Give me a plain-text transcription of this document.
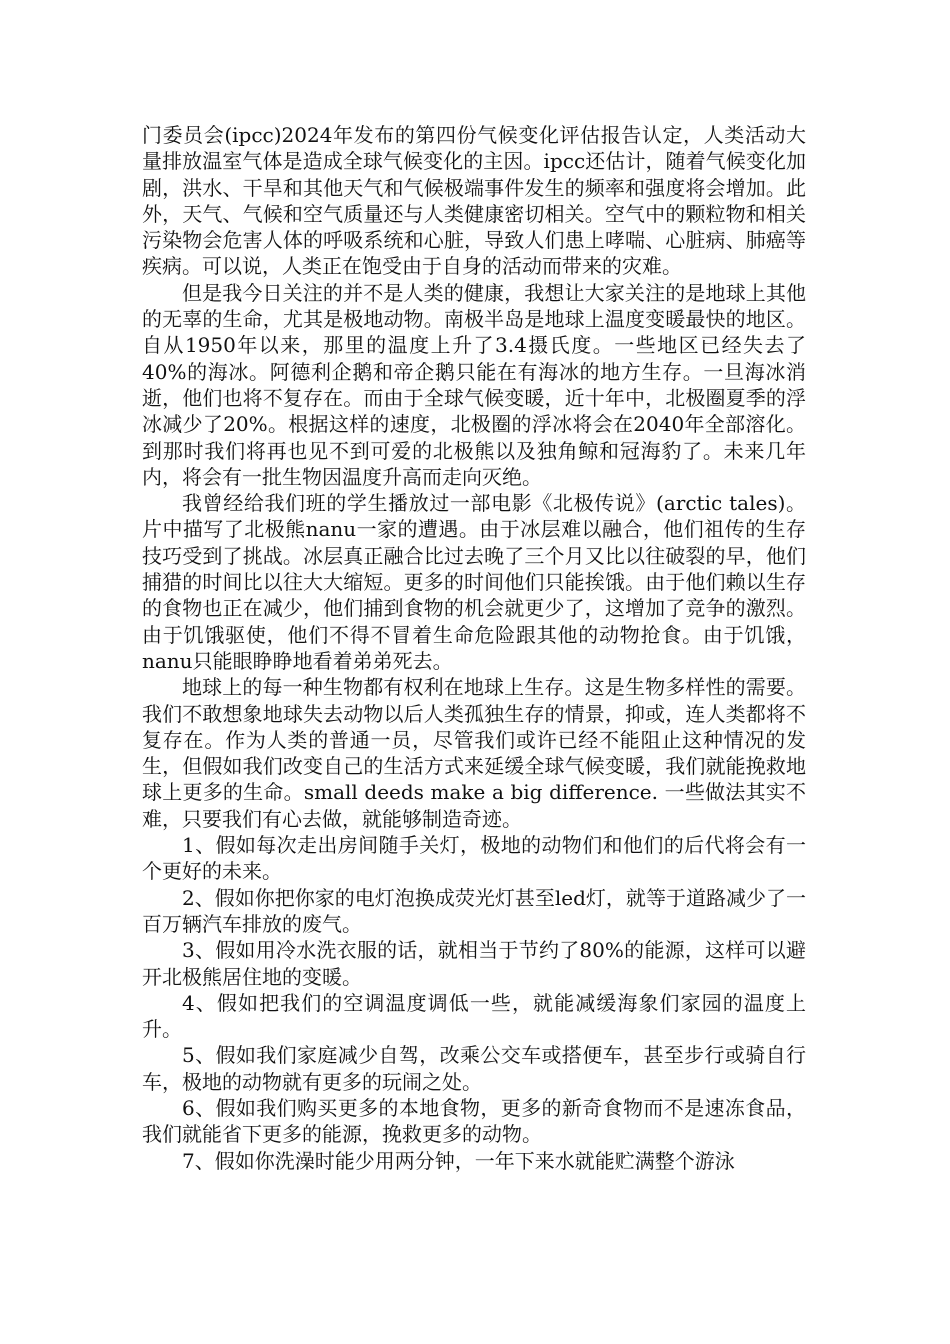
门委员会(ipcc)2024年发布的第四份气候变化评估报告认定，人类活动大量排放温室气体是造成全球气候变化的主因。ipcc还估计，随着气候变化加剧，洪水、干旱和其他天气和气候极端事件发生的频率和强度将会增加。此外，天气、气候和空气质量还与人类健康密切相关。空气中的颗粒物和相关污染物会危害人体的呼吸系统和心脏，导致人们患上哮喘、心脏病、肺癌等疾病。可以说，人类正在饱受由于自身的活动而带来的灾难。

但是我今日关注的并不是人类的健康，我想让大家关注的是地球上其他的无辜的生命，尤其是极地动物。南极半岛是地球上温度变暖最快的地区。自从1950年以来，那里的温度上升了3.4摄氏度。一些地区已经失去了40%的海冰。阿德利企鹅和帝企鹅只能在有海冰的地方生存。一旦海冰消逝，他们也将不复存在。而由于全球气候变暖，近十年中，北极圈夏季的浮冰减少了20%。根据这样的速度，北极圈的浮冰将会在2040年全部溶化。到那时我们将再也见不到可爱的北极熊以及独角鲸和冠海豹了。未来几年内，将会有一批生物因温度升高而走向灭绝。

我曾经给我们班的学生播放过一部电影《北极传说》(arctic tales)。片中描写了北极熊nanu一家的遭遇。由于冰层难以融合，他们祖传的生存技巧受到了挑战。冰层真正融合比过去晚了三个月又比以往破裂的早，他们捕猎的时间比以往大大缩短。更多的时间他们只能挨饿。由于他们赖以生存的食物也正在减少，他们捕到食物的机会就更少了，这增加了竞争的激烈。由于饥饿驱使，他们不得不冒着生命危险跟其他的动物抢食。由于饥饿，nanu只能眼睁睁地看着弟弟死去。

地球上的每一种生物都有权利在地球上生存。这是生物多样性的需要。我们不敢想象地球失去动物以后人类孤独生存的情景，抑或，连人类都将不复存在。作为人类的普通一员，尽管我们或许已经不能阻止这种情况的发生，但假如我们改变自己的生活方式来延缓全球气候变暖，我们就能挽救地球上更多的生命。small deeds make a big difference. 一些做法其实不难，只要我们有心去做，就能够制造奇迹。

1、假如每次走出房间随手关灯，极地的动物们和他们的后代将会有一个更好的未来。

2、假如你把你家的电灯泡换成荧光灯甚至led灯，就等于道路减少了一百万辆汽车排放的废气。

3、假如用冷水洗衣服的话，就相当于节约了80%的能源，这样可以避开北极熊居住地的变暖。

4、假如把我们的空调温度调低一些，就能减缓海象们家园的温度上升。

5、假如我们家庭减少自驾，改乘公交车或搭便车，甚至步行或骑自行车，极地的动物就有更多的玩闹之处。

6、假如我们购买更多的本地食物，更多的新奇食物而不是速冻食品，我们就能省下更多的能源，挽救更多的动物。

7、假如你洗澡时能少用两分钟，一年下来水就能贮满整个游泳
